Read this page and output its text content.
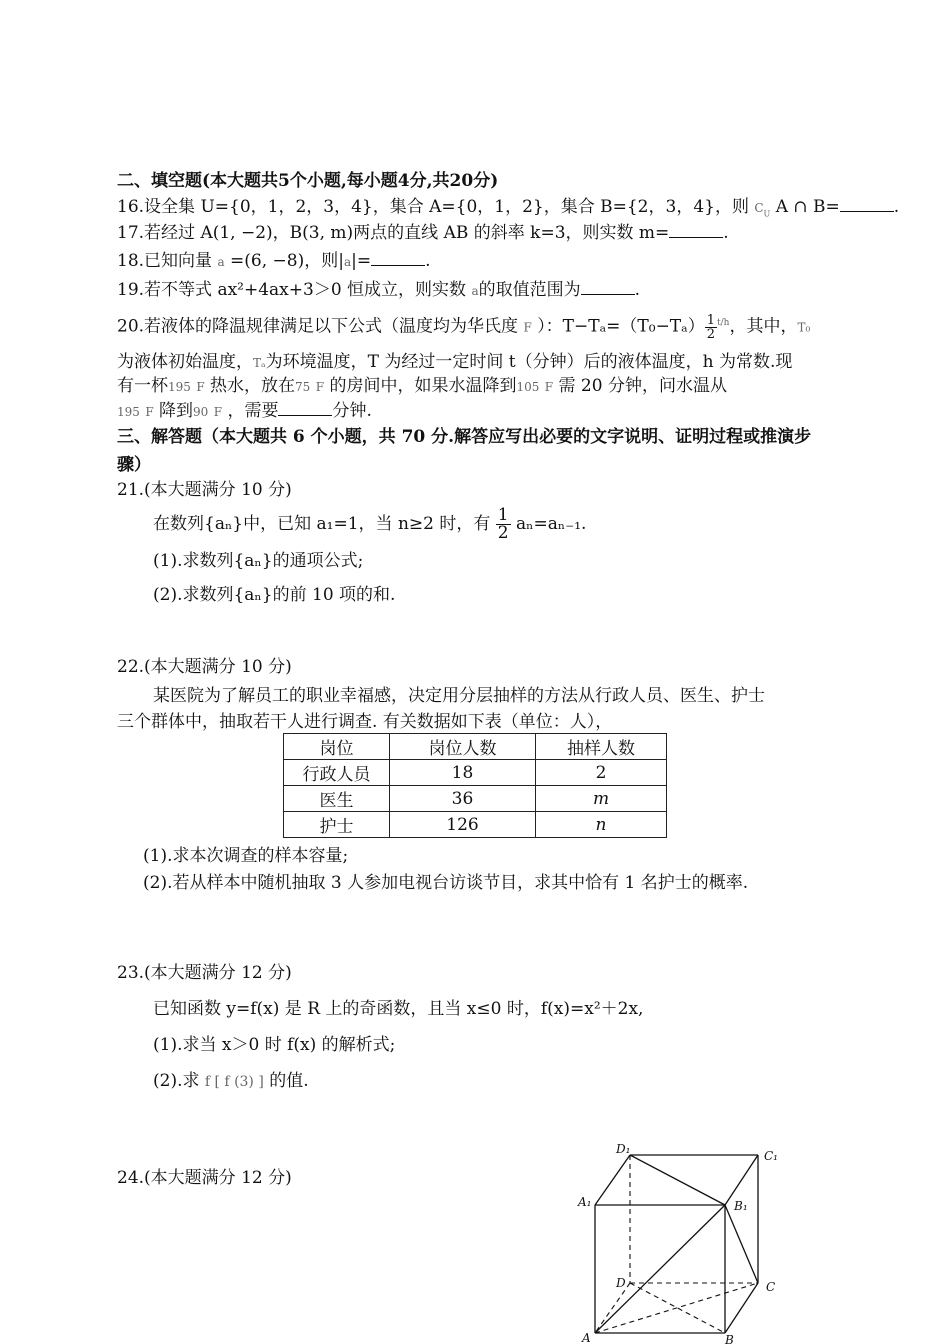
二、填空题(本大题共5个小题,每小题4分,共20分)
16.设全集 U={0，1，2，3，4}，集合 A={0，1，2}，集合 B={2，3，4}，则 $C_U$ A ∩ B=	.
17.若经过 A(1, −2)，B(3, m)两点的直线 AB 的斜率 k=3，则实数 m=	.
18.已知向量 a =(6, −8)，则|a|=	.
19.若不等式 ax²+4ax+3＞0 恒成立，则实数 a的取值范围为	.
20.若液体的降温规律满足以下公式（温度均为华氏度 F ）：$T-T_a=(T_0-T_a) \frac{1}{2} ^{t/h}$，其中，T₀
为液体初始温度，Tₐ为环境温度，T 为经过一定时间 t（分钟）后的液体温度，h 为常数.现
有一杯195 F 热水，放在75 F 的房间中，如果水温降到105 F 需 20 分钟，问水温从
195 F 降到90 F ，需要	分钟.
三、解答题（本大题共 6 个小题，共 70 分.解答应写出必要的文字说明、证明过程或推演步
骤）
21.(本大题满分 10 分)
在数列{aₙ}中，已知 a₁=1，当 n≥2 时，有 $\frac{1}{2} a_n=a_{n-1}$.
(1).求数列{aₙ}的通项公式;
(2).求数列{aₙ}的前 10 项的和.
22.(本大题满分 10 分)
某医院为了解员工的职业幸福感，决定用分层抽样的方法从行政人员、医生、护士
三个群体中，抽取若干人进行调查. 有关数据如下表（单位：人），
岗位	岗位人数	抽样人数
行政人员	18	2
医生	36	m
护士	126	n
(1).求本次调查的样本容量;
(2).若从样本中随机抽取 3 人参加电视台访谈节目，求其中恰有 1 名护士的概率.
23.(本大题满分 12 分)
已知函数 y=f(x) 是 R 上的奇函数，且当 x≤0 时，f(x)=x²＋2x,
(1).求当 x＞0 时 f(x) 的解析式;
(2).求 f [ f (3) ] 的值.
24.(本大题满分 12 分)
D₁	C₁
A₁	B₁
D	C
A	B
